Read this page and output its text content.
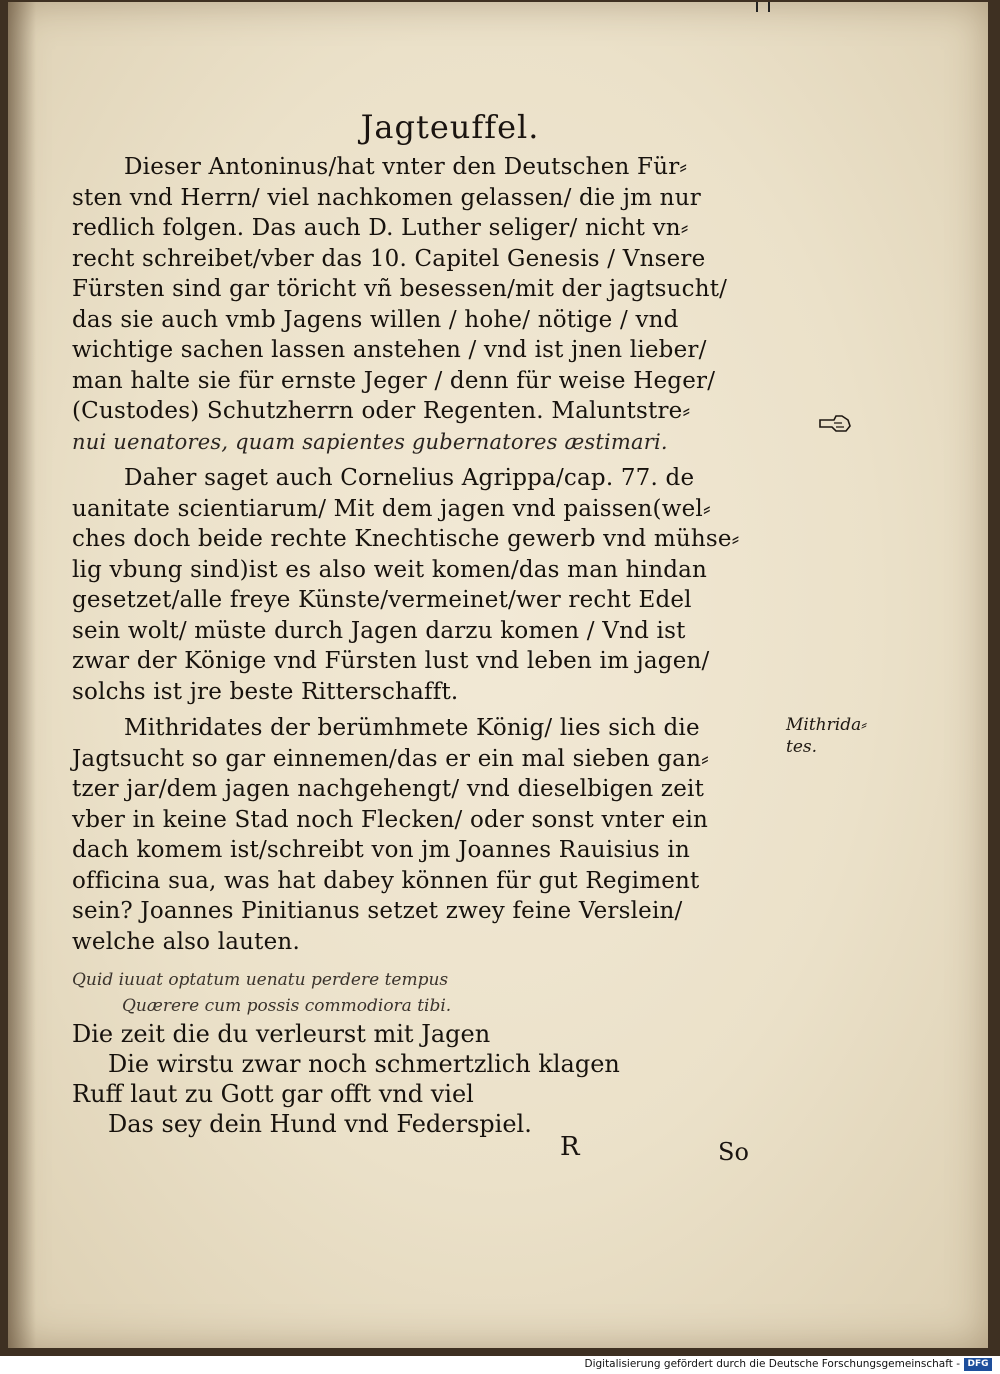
Jagteuffel.
Dieser Antoninus/hat vnter den Deutschen Für⸗
sten vnd Herrn/ viel nachkomen gelassen/ die jm nur
redlich folgen. Das auch D. Luther seliger/ nicht vn⸗
recht schreibet/vber das 10. Capitel Genesis / Vnsere
Fürsten sind gar töricht vñ besessen/mit der jagtsucht/
das sie auch vmb Jagens willen / hohe/ nötige / vnd
wichtige sachen lassen anstehen / vnd ist jnen lieber/
man halte sie für ernste Jeger / denn für weise Heger/
(Custodes) Schutzherrn oder Regenten. Maluntstre⸗
nui uenatores, quam sapientes gubernatores æstimari.
Daher saget auch Cornelius Agrippa/cap. 77. de
uanitate scientiarum/ Mit dem jagen vnd paissen(wel⸗
ches doch beide rechte Knechtische gewerb vnd mühse⸗
lig vbung sind)ist es also weit komen/das man hindan
gesetzet/alle freye Künste/vermeinet/wer recht Edel
sein wolt/ müste durch Jagen darzu komen / Vnd ist
zwar der Könige vnd Fürsten lust vnd leben im jagen/
solchs ist jre beste Ritterschafft.
Mithridates der berümhmete König/ lies sich die
Jagtsucht so gar einnemen/das er ein mal sieben gan⸗
tzer jar/dem jagen nachgehengt/ vnd dieselbigen zeit
vber in keine Stad noch Flecken/ oder sonst vnter ein
dach komem ist/schreibt von jm Joannes Rauisius in
officina sua, was hat dabey können für gut Regiment
sein? Joannes Pinitianus setzet zwey feine Verslein/
welche also lauten.
Quid iuuat optatum uenatu perdere tempus
Quærere cum possis commodiora tibi.
Die zeit die du verleurst mit Jagen
Die wirstu zwar noch schmertzlich klagen
Ruff laut zu Gott gar offt vnd viel
Das sey dein Hund vnd Federspiel.
Mithrida⸗
tes.
R	So
Digitalisierung gefördert durch die Deutsche Forschungsgemeinschaft - DFG
